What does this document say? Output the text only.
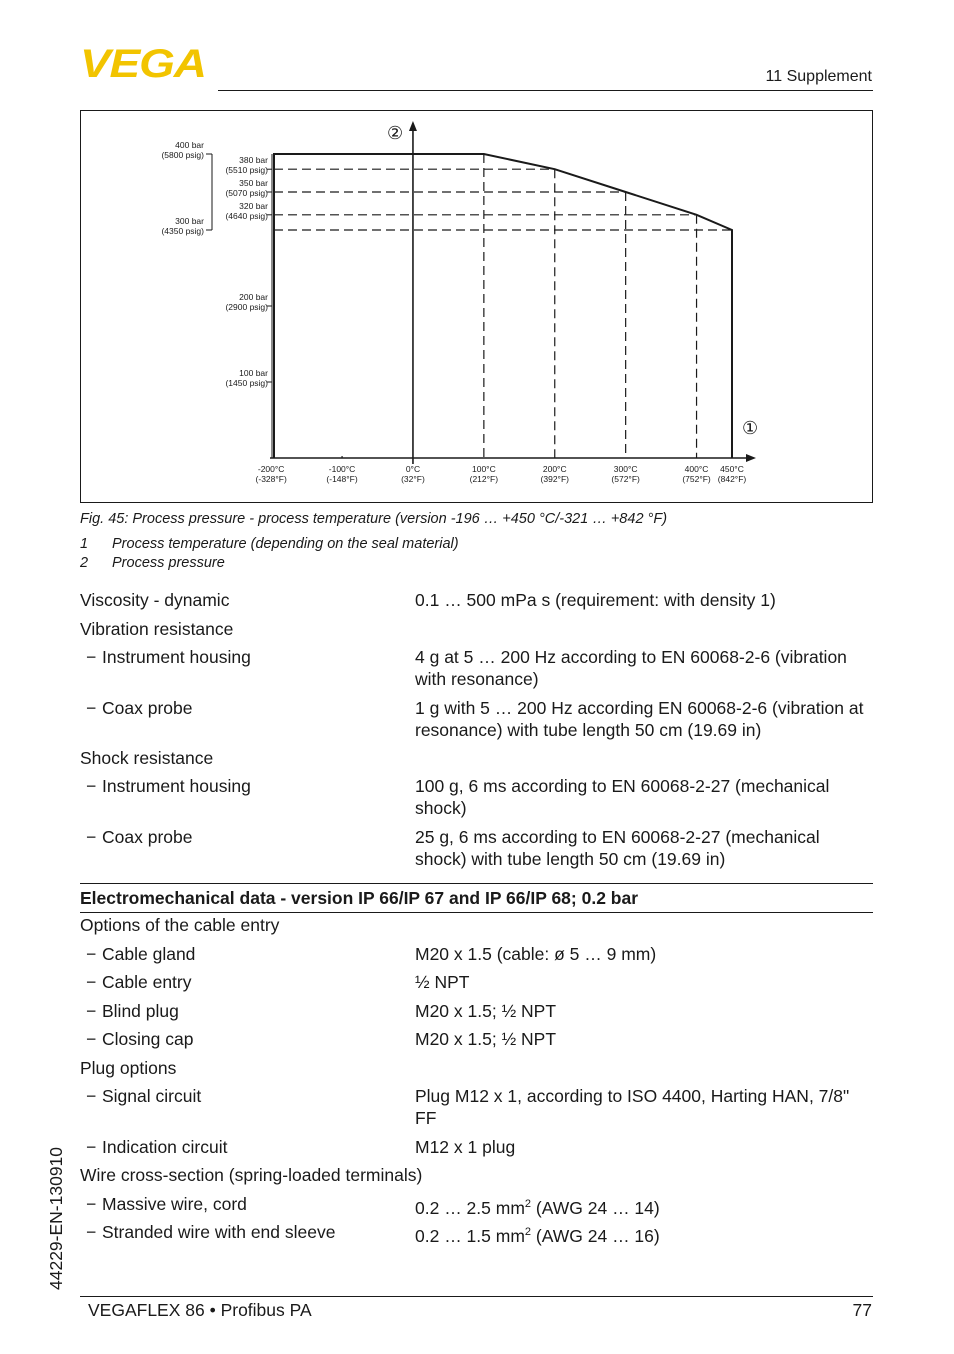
VEGA	11 Supplement
380 bar
(5510 psig)
350 bar
(5070 psig)
320 bar
(4640 psig)
200 bar
(2900 psig)
100 bar
(1450 psig)
400 bar
(5800 psig)
300 bar
(4350 psig)
-200°C
(-328°F)
-100°C
(-148°F)
0°C
(32°F)
100°C
(212°F)
200°C
(392°F)
300°C
(572°F)
400°C
(752°F)
450°C
(842°F)
②
①
Fig. 45: Process pressure - process temperature (version -196 … +450 °C/-321 … +842 °F)
1 Process temperature (depending on the seal material)
2 Process pressure
Viscosity - dynamic	0.1 … 500 mPa s (requirement: with density 1)
Vibration resistance
− Instrument housing	4 g at 5 … 200 Hz according to EN 60068-2-6 (vibration with resonance)
− Coax probe	1 g with 5 … 200 Hz according EN 60068-2-6 (vibration at resonance) with tube length 50 cm (19.69 in)
Shock resistance
− Instrument housing	100 g, 6 ms according to EN 60068-2-27 (mechanical shock)
− Coax probe	25 g, 6 ms according to EN 60068-2-27 (mechanical shock) with tube length 50 cm (19.69 in)
Electromechanical data - version IP 66/IP 67 and IP 66/IP 68; 0.2 bar
Options of the cable entry
− Cable gland	M20 x 1.5 (cable: ø 5 … 9 mm)
− Cable entry	½ NPT
− Blind plug	M20 x 1.5; ½ NPT
− Closing cap	M20 x 1.5; ½ NPT
Plug options
− Signal circuit	Plug M12 x 1, according to ISO 4400, Harting HAN, 7/8" FF
− Indication circuit	M12 x 1 plug
Wire cross-section (spring-loaded terminals)
− Massive wire, cord	0.2 … 2.5 $mm^2$ (AWG 24 … 14)
− Stranded wire with end sleeve	0.2 … 1.5 $mm^2$ (AWG 24 … 16)
44229-EN-130910
VEGAFLEX 86 • Profibus PA	77
